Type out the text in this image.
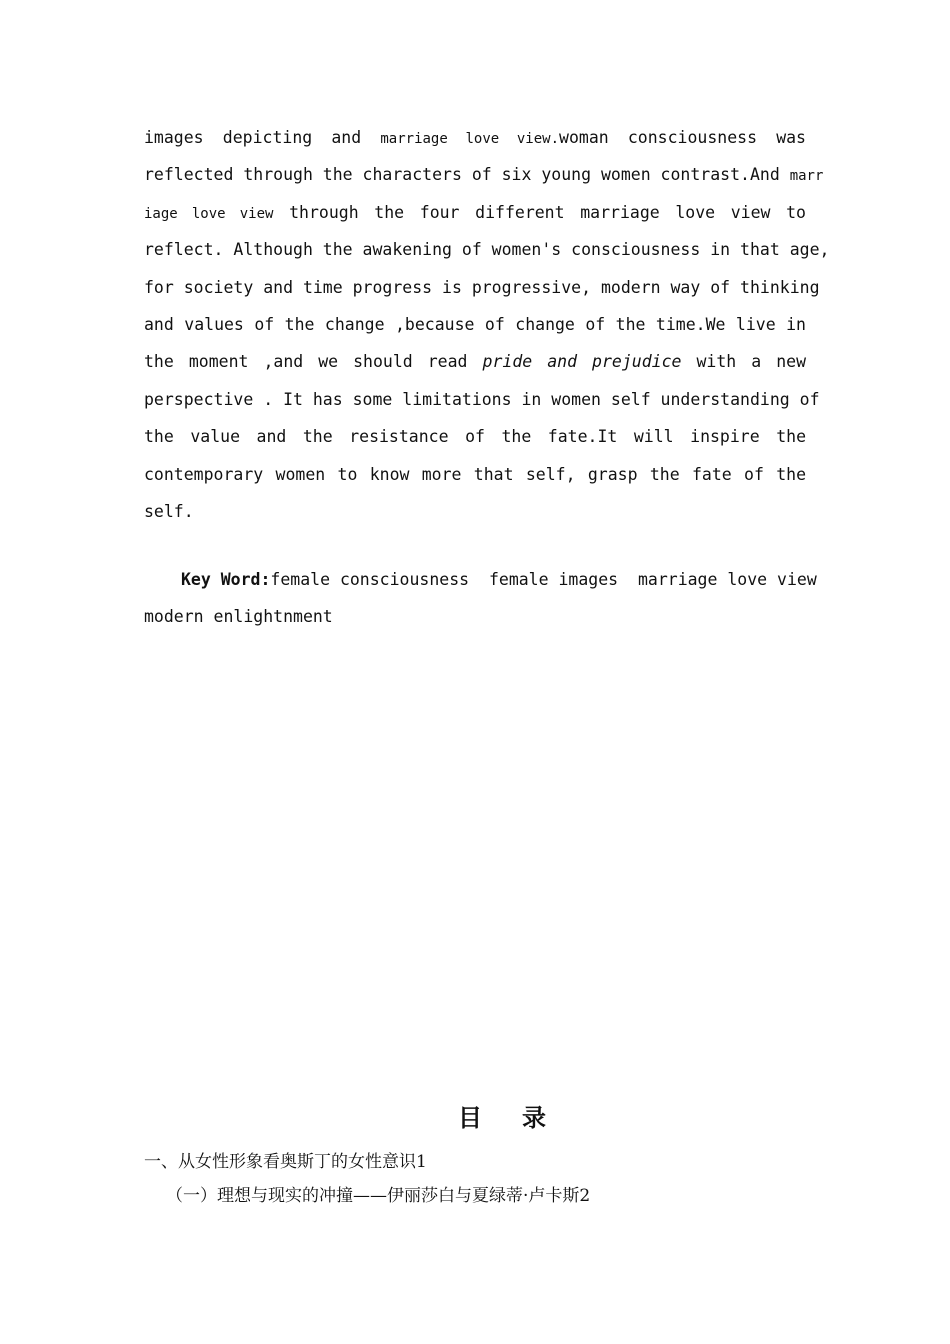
images depicting and marriage love view.woman consciousness was
reflected through the characters of six young women contrast.And marr
iage love view through the four different marriage love view to
reflect. Although the awakening of women's consciousness in that age,
for society and time progress is progressive, modern way of thinking
and values of the change ,because of change of the time.We live in
the moment ,and we should read pride and prejudice with a new
perspective . It has some limitations in women self understanding of
the value and the resistance of the fate.It will inspire the
contemporary women to know more that self, grasp the fate of the
self.
Key Word:female consciousness  female images  marriage love view
modern enlightnment
目录
一、从女性形象看奥斯丁的女性意识1
（一）理想与现实的冲撞——伊丽莎白与夏绿蒂·卢卡斯2
